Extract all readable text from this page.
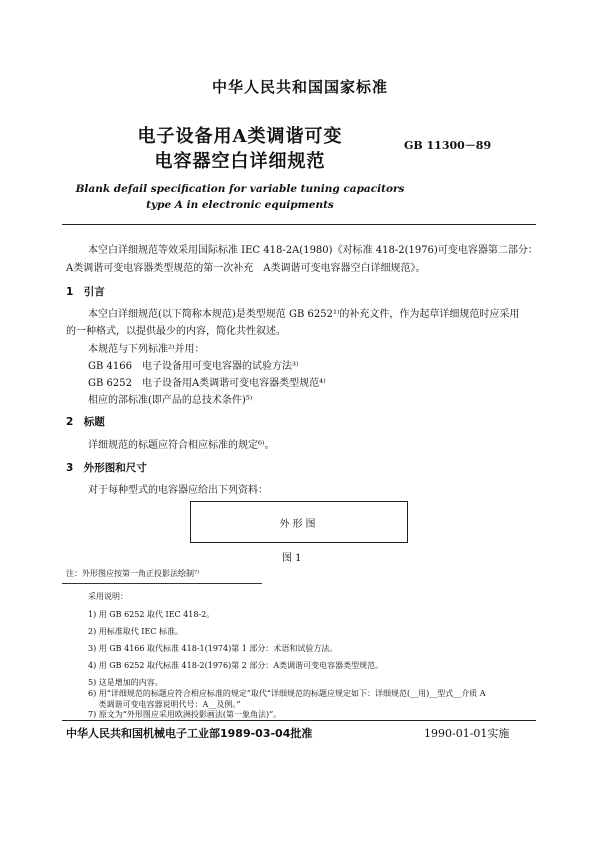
中华人民共和国国家标准
电子设备用A类调谐可变
电容器空白详细规范
GB 11300－89
Blank defail specification for variable tuning capacitors
type A in electronic equipments
本空白详细规范等效采用国际标准 IEC 418-2A(1980)《对标准 418-2(1976)可变电容器第二部分：
A类调谐可变电容器类型规范的第一次补充　A类调谐可变电容器空白详细规范》。
1　引言
本空白详细规范(以下简称本规范)是类型规范 GB 6252¹⁾的补充文件，作为起草详细规范时应采用
的一种格式，以提供最少的内容，简化共性叙述。
本规范与下列标准²⁾并用：
GB 4166　电子设备用可变电容器的试验方法³⁾
GB 6252　电子设备用A类调谐可变电容器类型规范⁴⁾
相应的部标准(即产品的总技术条件)⁵⁾
2　标题
详细规范的标题应符合相应标准的规定⁶⁾。
3　外形图和尺寸
对于每种型式的电容器应给出下列资料：
外形图
图 1
注：外形图应按第一角正投影法绘制⁷⁾
采用说明：
1) 用 GB 6252 取代 IEC 418-2。
2) 用标准取代 IEC 标准。
3) 用 GB 4166 取代标准 418-1(1974)第 1 部分：术语和试验方法。
4) 用 GB 6252 取代标准 418-2(1976)第 2 部分：A类调谐可变电容器类型规范。
5) 这是增加的内容。
6) 用“详细规范的标题应符合相应标准的规定”取代“详细规范的标题应规定如下：详细规范(__用)__型式__介质 A
　 类调谐可变电容器说明代号：A__及例。”
7) 原文为“外形图应采用欧洲投影画法(第一象角法)”。
中华人民共和国机械电子工业部1989-03-04批准	1990-01-01实施
